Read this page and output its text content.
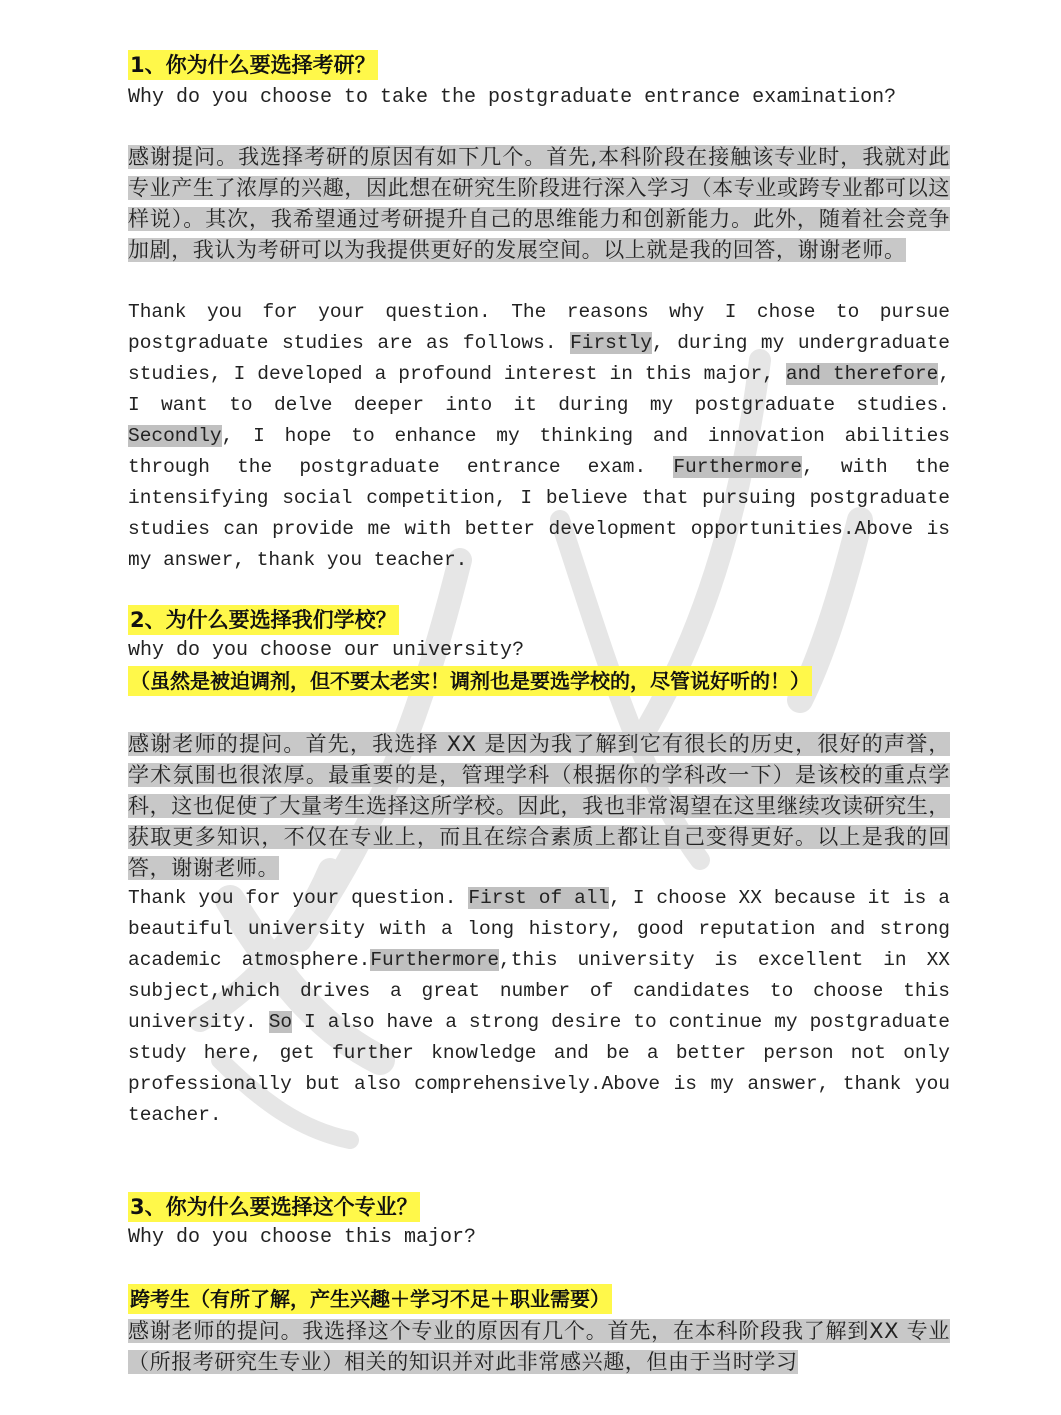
1、你为什么要选择考研？
Why do you choose to take the postgraduate entrance examination?
感谢提问。我选择考研的原因有如下几个。首先,本科阶段在接触该专业时，我就对此专业产生了浓厚的兴趣，因此想在研究生阶段进行深入学习（本专业或跨专业都可以这样说）。其次，我希望通过考研提升自己的思维能力和创新能力。此外，随着社会竞争加剧，我认为考研可以为我提供更好的发展空间。以上就是我的回答，谢谢老师。
Thank you for your question. The reasons why I chose to pursue postgraduate studies are as follows. Firstly, during my undergraduate studies, I developed a profound interest in this major, and therefore, I want to delve deeper into it during my postgraduate studies. Secondly, I hope to enhance my thinking and innovation abilities through the postgraduate entrance exam. Furthermore, with the intensifying social competition, I believe that pursuing postgraduate studies can provide me with better development opportunities.Above is my answer, thank you teacher.
2、为什么要选择我们学校？
why do you choose our university?
（虽然是被迫调剂，但不要太老实！调剂也是要选学校的，尽管说好听的！）
感谢老师的提问。首先，我选择 XX 是因为我了解到它有很长的历史，很好的声誉，学术氛围也很浓厚。最重要的是，管理学科（根据你的学科改一下）是该校的重点学科，这也促使了大量考生选择这所学校。因此，我也非常渴望在这里继续攻读研究生，获取更多知识，不仅在专业上，而且在综合素质上都让自己变得更好。以上是我的回答，谢谢老师。
Thank you for your question. First of all, I choose XX because it is a beautiful university with a long history, good reputation and strong academic atmosphere.Furthermore,this university is excellent in XX subject,which drives a great number of candidates to choose this university. So I also have a strong desire to continue my postgraduate study here, get further knowledge and be a better person not only professionally but also comprehensively.Above is my answer, thank you teacher.
3、你为什么要选择这个专业？
Why do you choose this major?
跨考生（有所了解，产生兴趣＋学习不足＋职业需要）
感谢老师的提问。我选择这个专业的原因有几个。首先，在本科阶段我了解到XX 专业（所报考研究生专业）相关的知识并对此非常感兴趣，但由于当时学习
